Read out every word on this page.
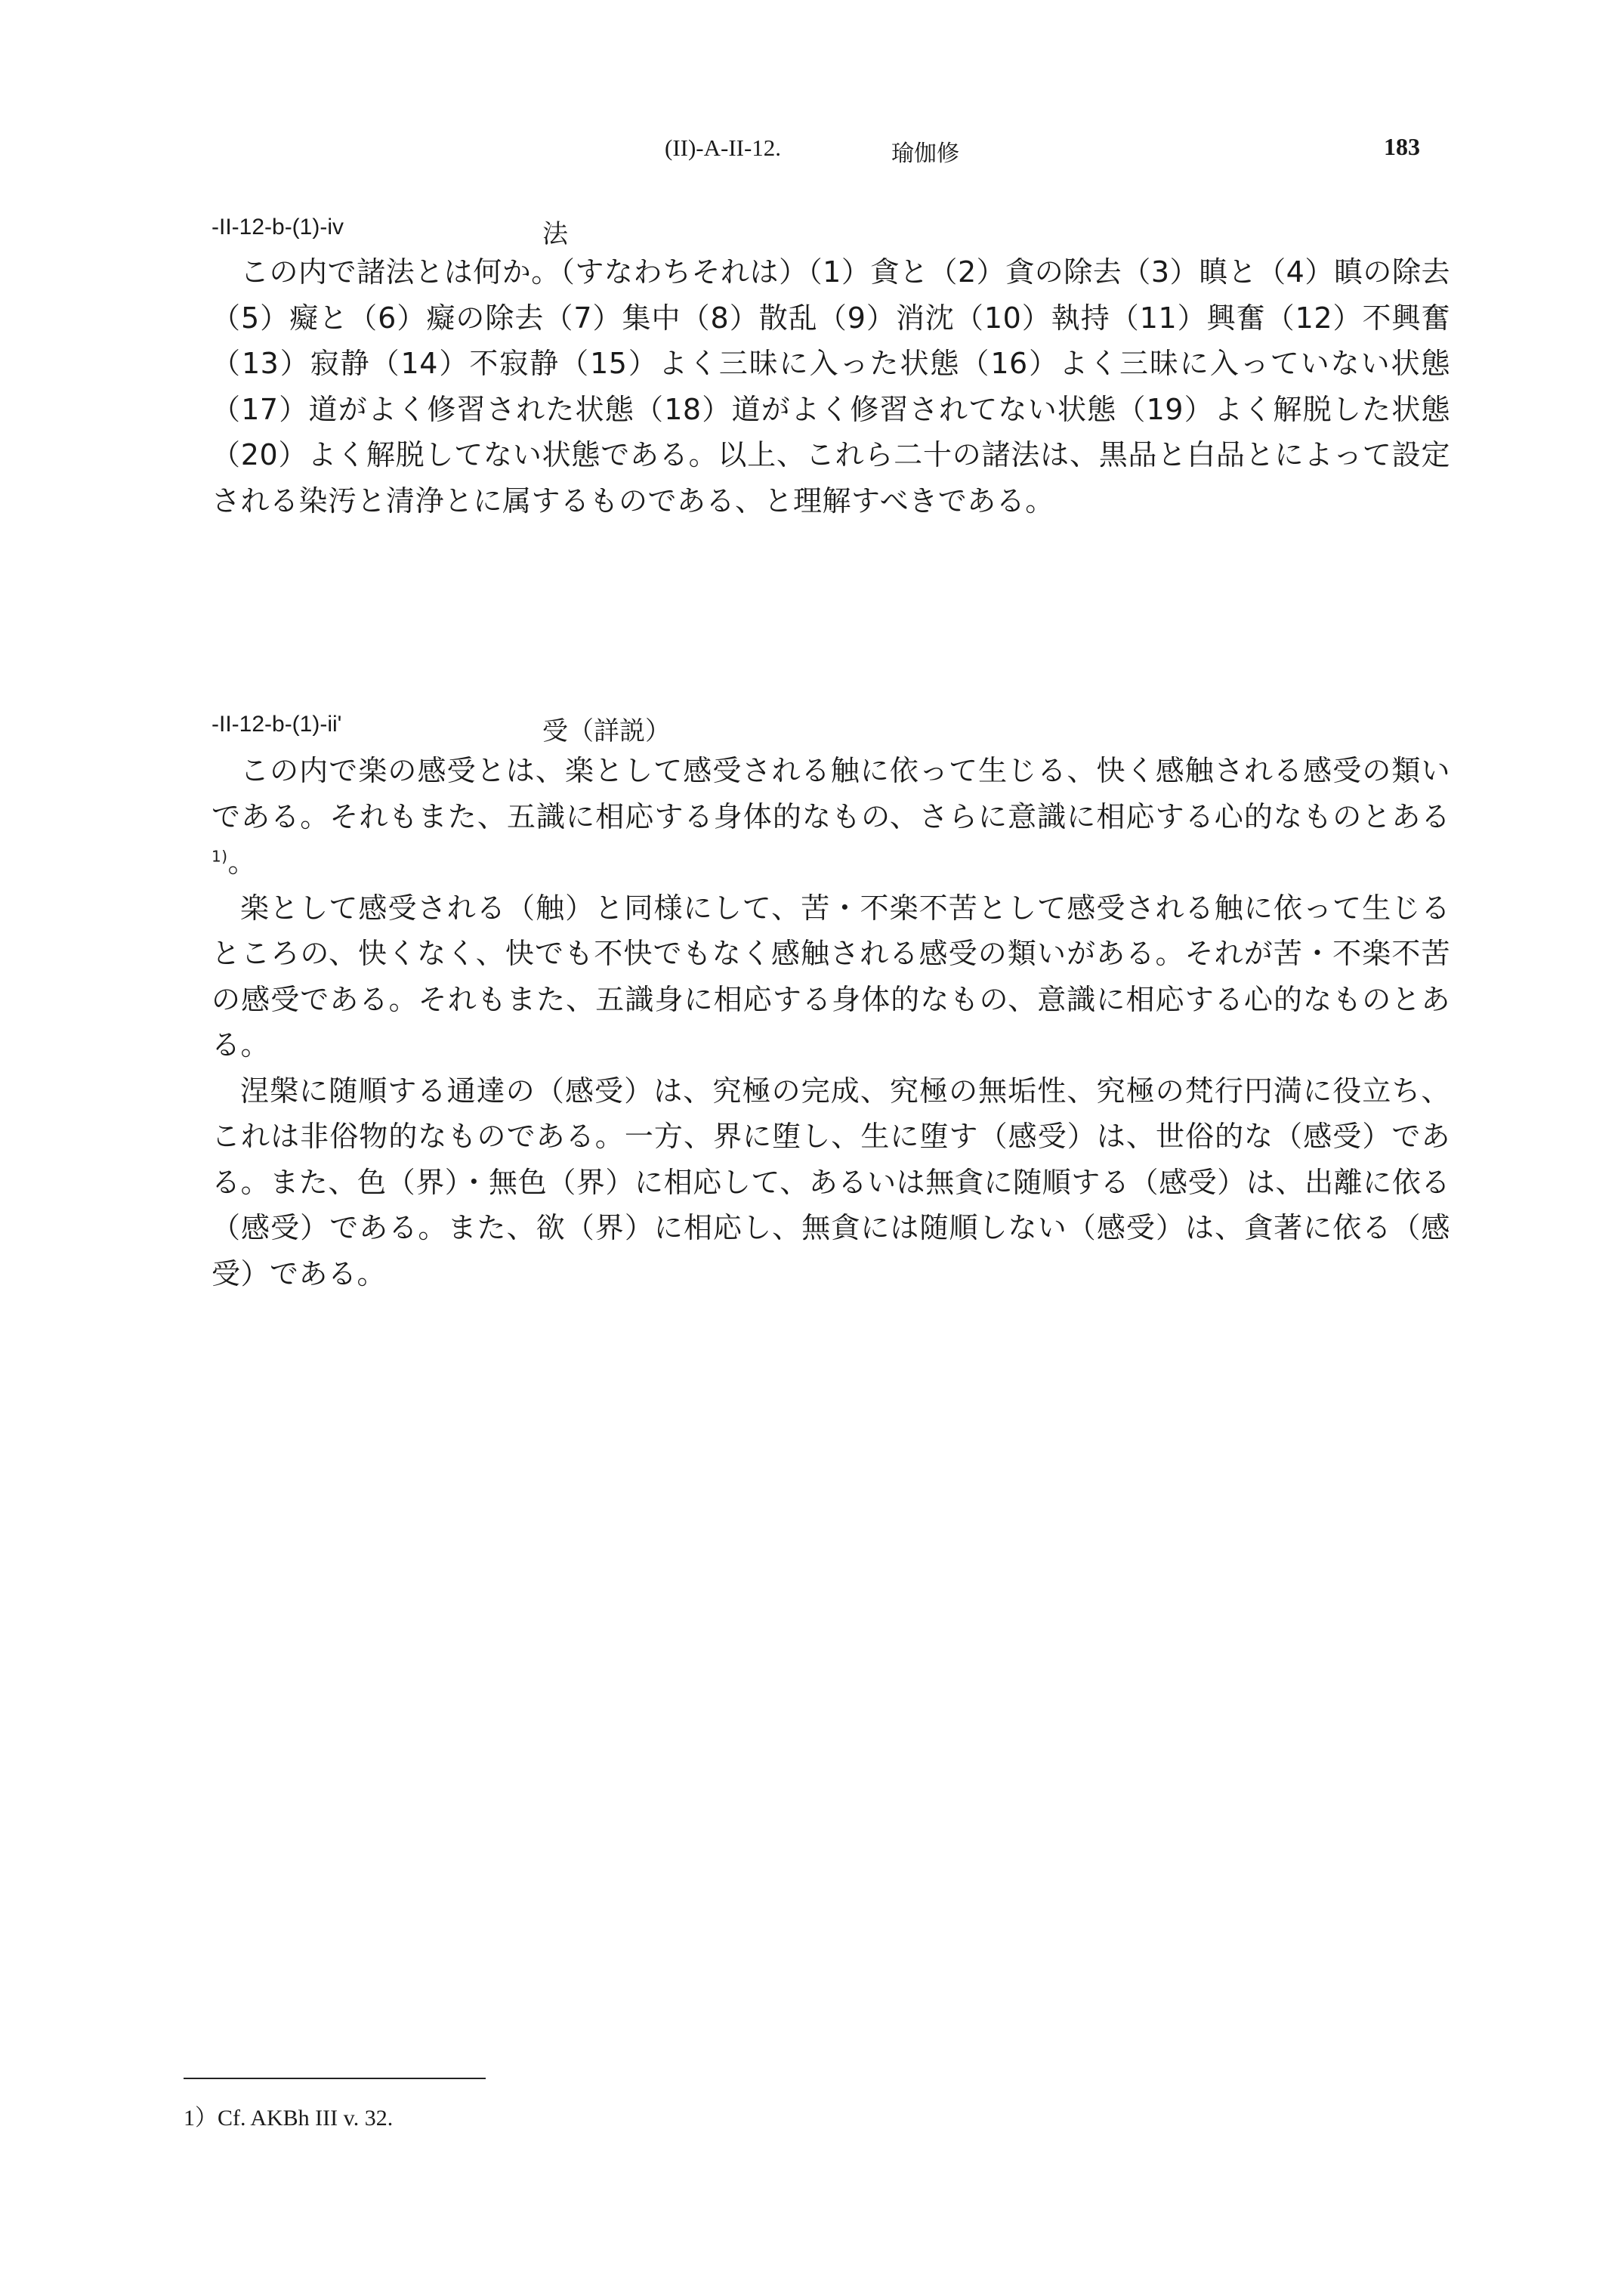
(II)-A-II-12.	瑜伽修	183
-II-12-b-(1)-iv	法

この内で諸法とは何か。（すなわちそれは）（1）貪と（2）貪の除去（3）瞋と（4）瞋の除去（5）癡と（6）癡の除去（7）集中（8）散乱（9）消沈（10）執持（11）興奮（12）不興奮（13）寂静（14）不寂静（15）よく三昧に入った状態（16）よく三昧に入っていない状態（17）道がよく修習された状態（18）道がよく修習されてない状態（19）よく解脱した状態（20）よく解脱してない状態である。以上、これら二十の諸法は、黒品と白品とによって設定される染汚と清浄とに属するものである、と理解すべきである。

-II-12-b-(1)-ii'	受（詳説）

この内で楽の感受とは、楽として感受される触に依って生じる、快く感触される感受の類いである。それもまた、五識に相応する身体的なもの、さらに意識に相応する心的なものとある$^{1)}$。

楽として感受される（触）と同様にして、苦・不楽不苦として感受される触に依って生じるところの、快くなく、快でも不快でもなく感触される感受の類いがある。それが苦・不楽不苦の感受である。それもまた、五識身に相応する身体的なもの、意識に相応する心的なものとある。

涅槃に随順する通達の（感受）は、究極の完成、究極の無垢性、究極の梵行円満に役立ち、これは非俗物的なものである。一方、界に堕し、生に堕す（感受）は、世俗的な（感受）である。また、色（界）・無色（界）に相応して、あるいは無貪に随順する（感受）は、出離に依る（感受）である。また、欲（界）に相応し、無貪には随順しない（感受）は、貪著に依る（感受）である。

1）Cf. AKBh III v. 32.
